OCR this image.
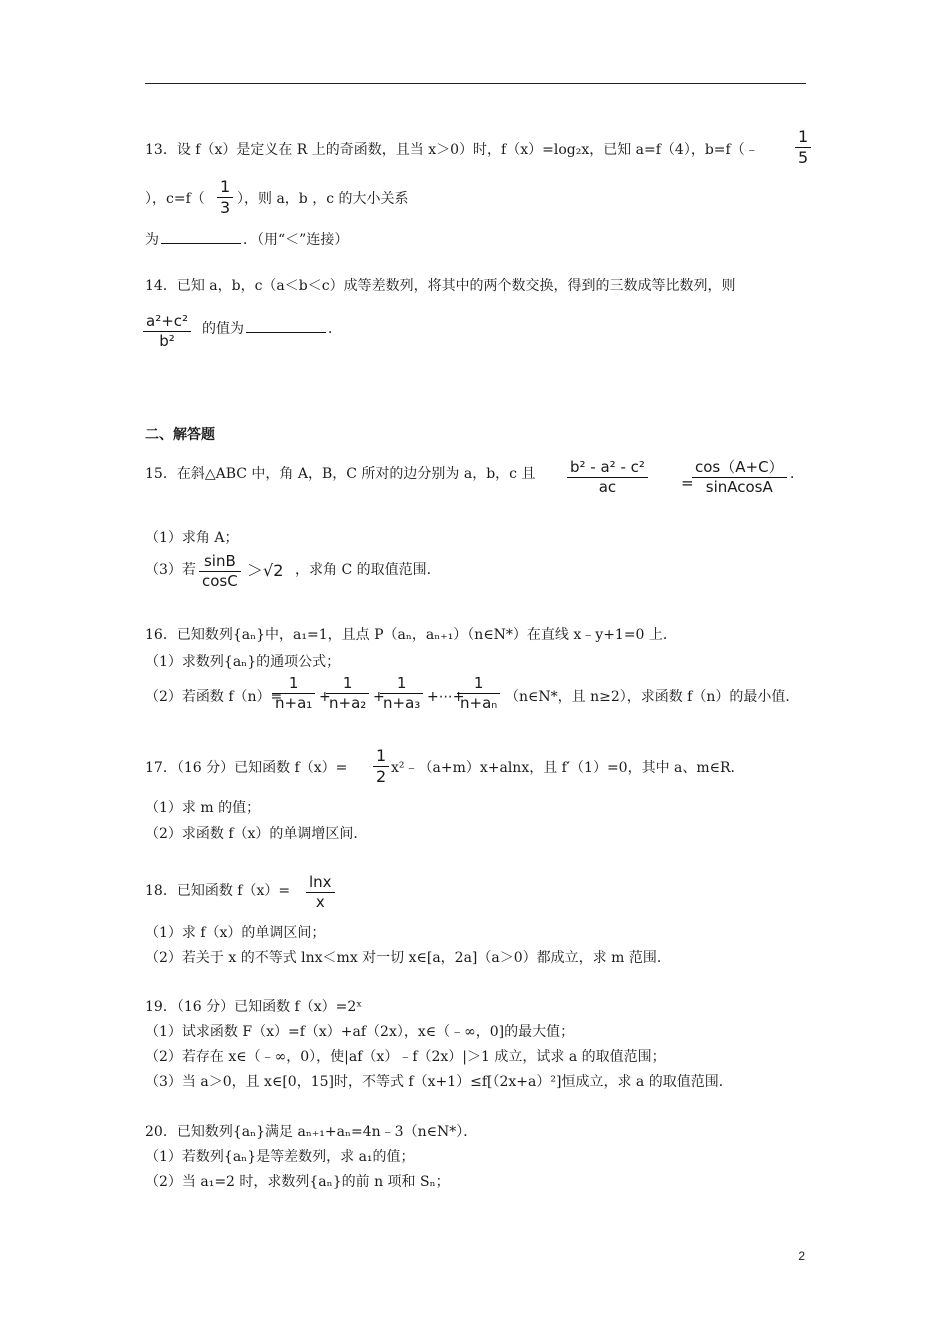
13．设 f（x）是定义在 R 上的奇函数，且当 x＞0）时，f（x）=log₂x，已知 a=f（4），b=f（﹣
1
5
），c=f（
1
3 ），则 a，b ，c 的大小关系
为	．（用“＜”连接）
14．已知 a，b，c（a＜b＜c）成等差数列，将其中的两个数交换，得到的三数成等比数列，则
a²+c²
b²
的值为	．
二、解答题
15．在斜△ABC 中，角 A，B，C 所对的边分别为 a，b，c 且 b² - a² - c²
ac	=
cos（A+C）
sinAcosA
．
（1）求角 A；
（3）若 sinB
cosC
＞√2 ，求角 C 的取值范围．
16．已知数列{aₙ}中，a₁=1，且点 P（aₙ，aₙ₊₁）（n∈N*）在直线 x﹣y+1=0 上．
（1）求数列{aₙ}的通项公式；
（2）若函数 f（n）=
1
n+a₁ +
1
n+a₂ +
1
n+a₃ +⋯+
1
n+aₙ （n∈N*，且 n≥2），求函数 f（n）的最小值．
17．（16 分）已知函数 f（x）=
1
2 x²﹣（a+m）x+alnx，且 f′（1）=0，其中 a、m∈R．
（1）求 m 的值；
（2）求函数 f（x）的单调增区间．
18．已知函数 f（x）= lnx
x
（1）求 f（x）的单调区间；
（2）若关于 x 的不等式 lnx＜mx 对一切 x∈[a，2a]（a＞0）都成立，求 m 范围．
19．（16 分）已知函数 f（x）=2ˣ
（1）试求函数 F（x）=f（x）+af（2x），x∈（﹣∞，0]的最大值；
（2）若存在 x∈（﹣∞，0），使|af（x）﹣f（2x）|＞1 成立，试求 a 的取值范围；
（3）当 a＞0，且 x∈[0，15]时，不等式 f（x+1）≤f[（2x+a）²]恒成立，求 a 的取值范围．
20．已知数列{aₙ}满足 aₙ₊₁+aₙ=4n﹣3（n∈N*）．
（1）若数列{aₙ}是等差数列，求 a₁的值；
（2）当 a₁=2 时，求数列{aₙ}的前 n 项和 Sₙ；
2
